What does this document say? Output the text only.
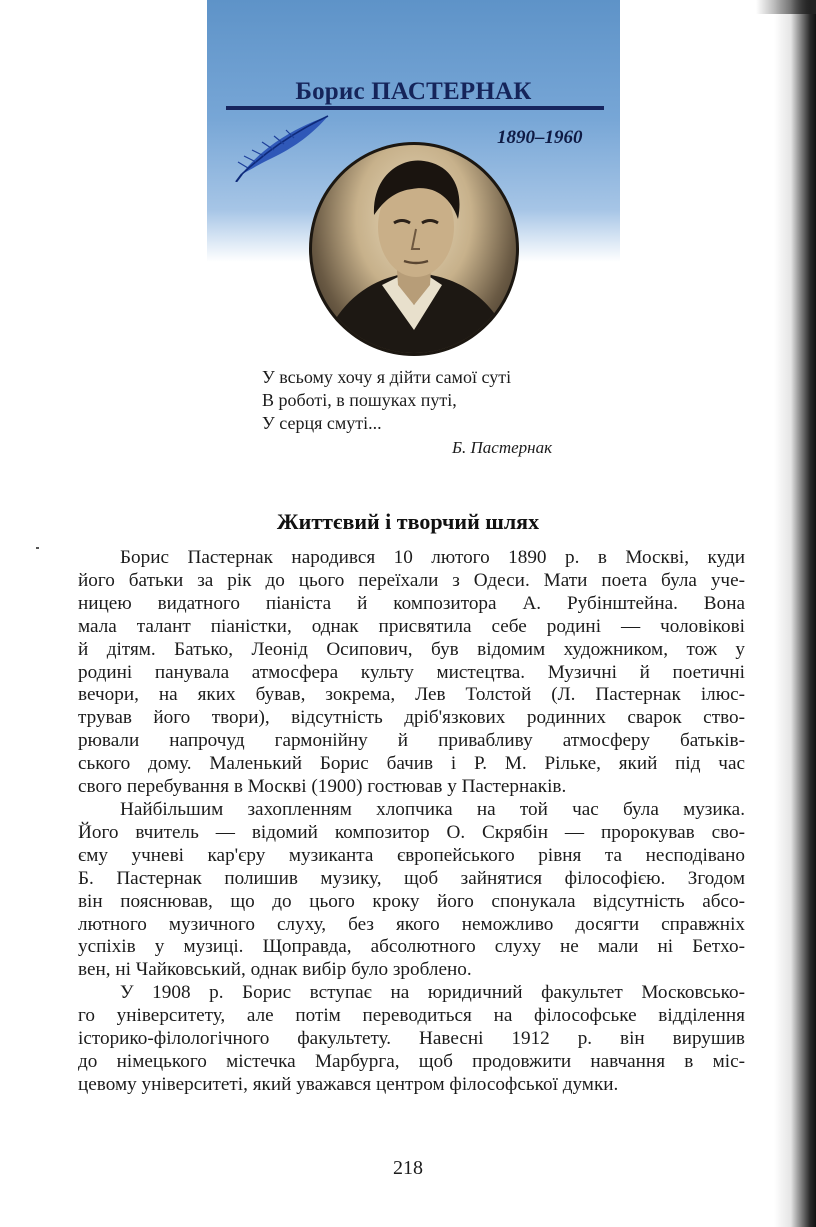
Борис ПАСТЕРНАК
1890–1960
У всьому хочу я дійти самої суті
В роботі, в пошуках путі,
У серця смуті...
Б. Пастернак
Життєвий і творчий шлях
Борис Пастернак народився 10 лютого 1890 р. в Москві, куди
його батьки за рік до цього переїхали з Одеси. Мати поета була уче-
ницею видатного піаніста й композитора А. Рубінштейна. Вона
мала талант піаністки, однак присвятила себе родині — чоловікові
й дітям. Батько, Леонід Осипович, був відомим художником, тож у
родині панувала атмосфера культу мистецтва. Музичні й поетичні
вечори, на яких бував, зокрема, Лев Толстой (Л. Пастернак ілюс-
трував його твори), відсутність дріб'язкових родинних сварок ство-
рювали напрочуд гармонійну й привабливу атмосферу батьків-
ського дому. Маленький Борис бачив і Р. М. Рільке, який під час
свого перебування в Москві (1900) гостював у Пастернаків.
Найбільшим захопленням хлопчика на той час була музика.
Його вчитель — відомий композитор О. Скрябін — пророкував сво-
єму учневі кар'єру музиканта європейського рівня та несподівано
Б. Пастернак полишив музику, щоб зайнятися філософією. Згодом
він пояснював, що до цього кроку його спонукала відсутність абсо-
лютного музичного слуху, без якого неможливо досягти справжніх
успіхів у музиці. Щоправда, абсолютного слуху не мали ні Бетхо-
вен, ні Чайковський, однак вибір було зроблено.
У 1908 р. Борис вступає на юридичний факультет Московсько-
го університету, але потім переводиться на філософське відділення
історико-філологічного факультету. Навесні 1912 р. він вирушив
до німецького містечка Марбурга, щоб продовжити навчання в міс-
цевому університеті, який уважався центром філософської думки.
218
